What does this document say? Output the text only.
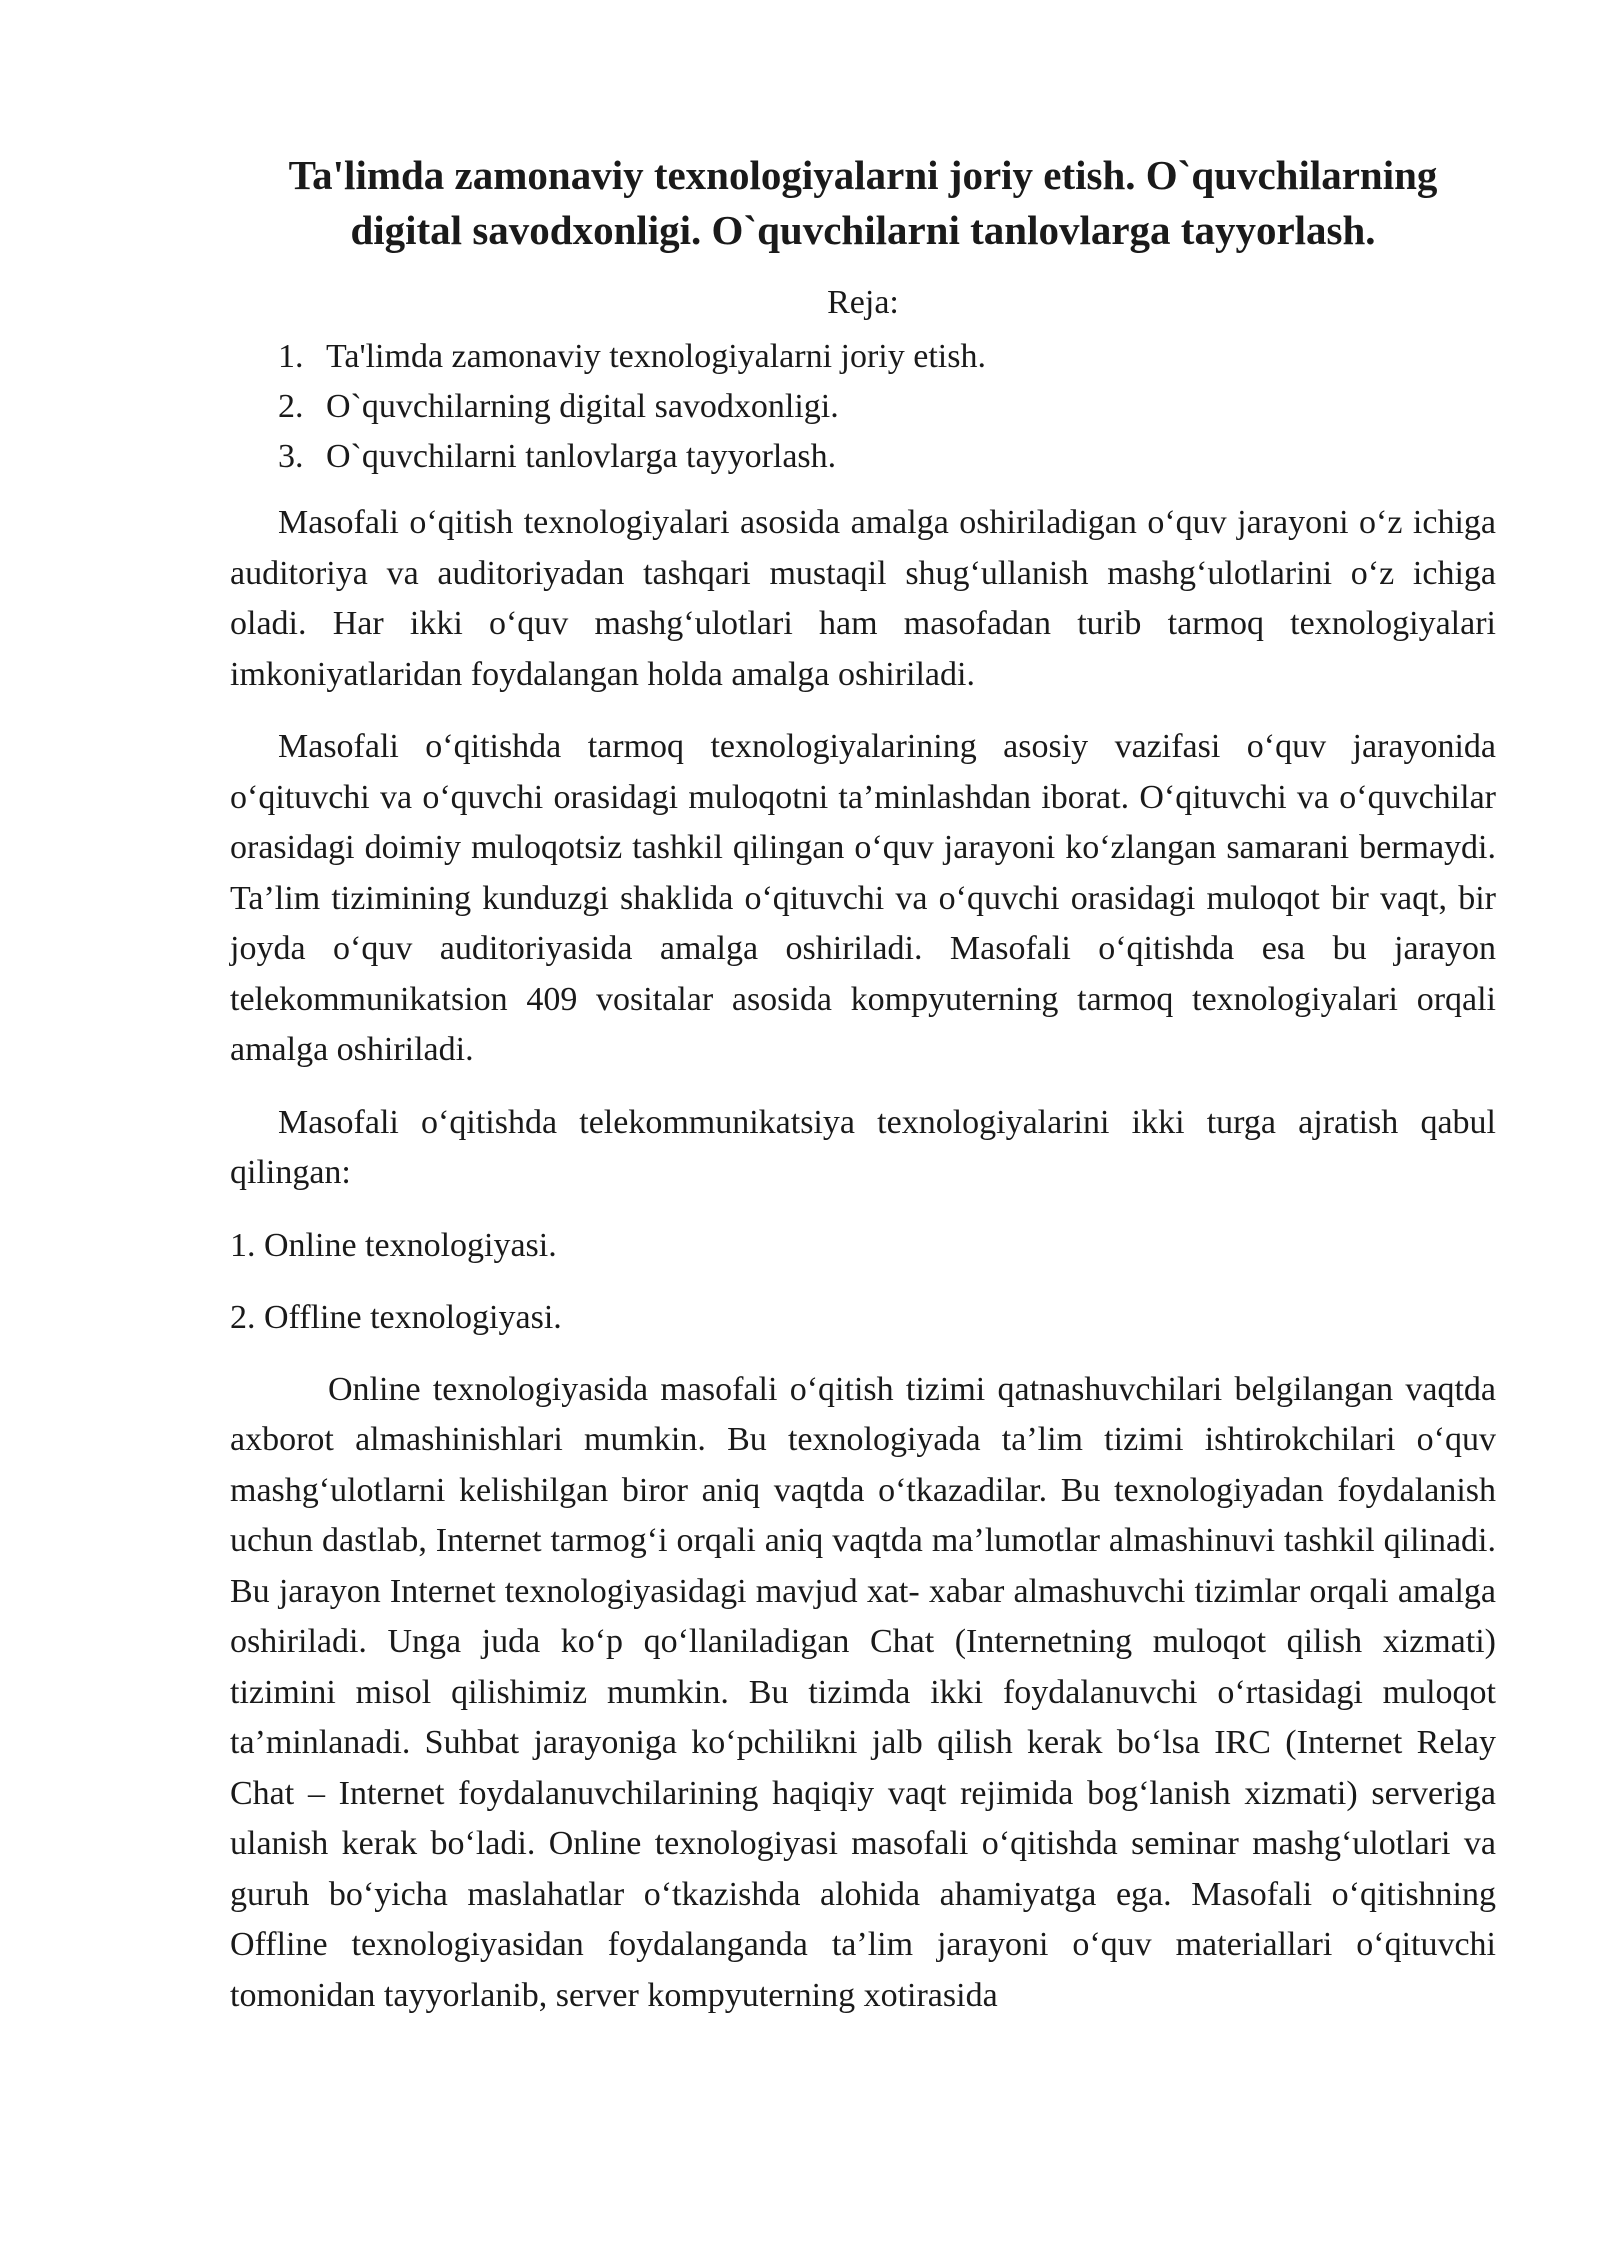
Ta'limda zamonaviy texnologiyalarni joriy etish. O`quvchilarning digital savodxonligi. O`quvchilarni tanlovlarga tayyorlash.
Reja:
1. Ta'limda zamonaviy texnologiyalarni joriy etish.
2. O`quvchilarning digital savodxonligi.
3. O`quvchilarni tanlovlarga tayyorlash.

Masofali o‘qitish texnologiyalari asosida amalga oshiriladigan o‘quv jarayoni o‘z ichiga auditoriya va auditoriyadan tashqari mustaqil shug‘ullanish mashg‘ulotlarini o‘z ichiga oladi. Har ikki o‘quv mashg‘ulotlari ham masofadan turib tarmoq texnologiyalari imkoniyatlaridan foydalangan holda amalga oshiriladi.

Masofali o‘qitishda tarmoq texnologiyalarining asosiy vazifasi o‘quv jarayonida o‘qituvchi va o‘quvchi orasidagi muloqotni ta’minlashdan iborat. O‘qituvchi va o‘quvchilar orasidagi doimiy muloqotsiz tashkil qilingan o‘quv jarayoni ko‘zlangan samarani bermaydi. Ta’lim tizimining kunduzgi shaklida o‘qituvchi va o‘quvchi orasidagi muloqot bir vaqt, bir joyda o‘quv auditoriyasida amalga oshiriladi. Masofali o‘qitishda esa bu jarayon telekommunikatsion 409 vositalar asosida kompyuterning tarmoq texnologiyalari orqali amalga oshiriladi.

Masofali o‘qitishda telekommunikatsiya texnologiyalarini ikki turga ajratish qabul qilingan:

1. Online texnologiyasi.
2. Offline texnologiyasi.

Online texnologiyasida masofali o‘qitish tizimi qatnashuvchilari belgilangan vaqtda axborot almashinishlari mumkin. Bu texnologiyada ta’lim tizimi ishtirokchilari o‘quv mashg‘ulotlarni kelishilgan biror aniq vaqtda o‘tkazadilar. Bu texnologiyadan foydalanish uchun dastlab, Internet tarmog‘i orqali aniq vaqtda ma’lumotlar almashinuvi tashkil qilinadi. Bu jarayon Internet texnologiyasidagi mavjud xat- xabar almashuvchi tizimlar orqali amalga oshiriladi. Unga juda ko‘p qo‘llaniladigan Chat (Internetning muloqot qilish xizmati) tizimini misol qilishimiz mumkin. Bu tizimda ikki foydalanuvchi o‘rtasidagi muloqot ta’minlanadi. Suhbat jarayoniga ko‘pchilikni jalb qilish kerak bo‘lsa IRC (Internet Relay Chat – Internet foydalanuvchilarining haqiqiy vaqt rejimida bog‘lanish xizmati) serveriga ulanish kerak bo‘ladi. Online texnologiyasi masofali o‘qitishda seminar mashg‘ulotlari va guruh bo‘yicha maslahatlar o‘tkazishda alohida ahamiyatga ega. Masofali o‘qitishning Offline texnologiyasidan foydalanganda ta’lim jarayoni o‘quv materiallari o‘qituvchi tomonidan tayyorlanib, server kompyuterning xotirasida
